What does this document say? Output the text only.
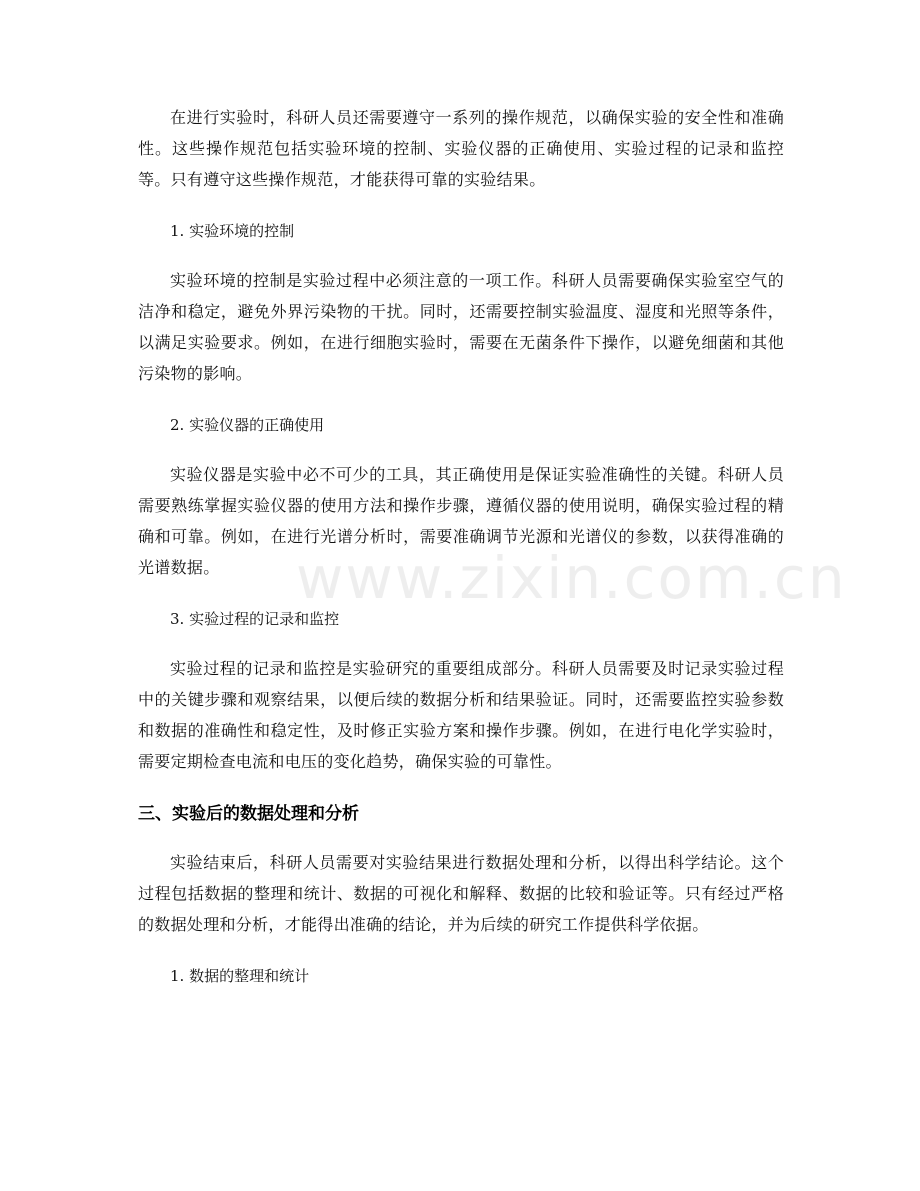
在进行实验时，科研人员还需要遵守一系列的操作规范，以确保实验的安全性和准确性。这些操作规范包括实验环境的控制、实验仪器的正确使用、实验过程的记录和监控等。只有遵守这些操作规范，才能获得可靠的实验结果。

1. 实验环境的控制

实验环境的控制是实验过程中必须注意的一项工作。科研人员需要确保实验室空气的洁净和稳定，避免外界污染物的干扰。同时，还需要控制实验温度、湿度和光照等条件，以满足实验要求。例如，在进行细胞实验时，需要在无菌条件下操作，以避免细菌和其他污染物的影响。

2. 实验仪器的正确使用

实验仪器是实验中必不可少的工具，其正确使用是保证实验准确性的关键。科研人员需要熟练掌握实验仪器的使用方法和操作步骤，遵循仪器的使用说明，确保实验过程的精确和可靠。例如，在进行光谱分析时，需要准确调节光源和光谱仪的参数，以获得准确的光谱数据。

3. 实验过程的记录和监控

实验过程的记录和监控是实验研究的重要组成部分。科研人员需要及时记录实验过程中的关键步骤和观察结果，以便后续的数据分析和结果验证。同时，还需要监控实验参数和数据的准确性和稳定性，及时修正实验方案和操作步骤。例如，在进行电化学实验时，需要定期检查电流和电压的变化趋势，确保实验的可靠性。

三、实验后的数据处理和分析

实验结束后，科研人员需要对实验结果进行数据处理和分析，以得出科学结论。这个过程包括数据的整理和统计、数据的可视化和解释、数据的比较和验证等。只有经过严格的数据处理和分析，才能得出准确的结论，并为后续的研究工作提供科学依据。

1. 数据的整理和统计
www.zixin.com.cn
